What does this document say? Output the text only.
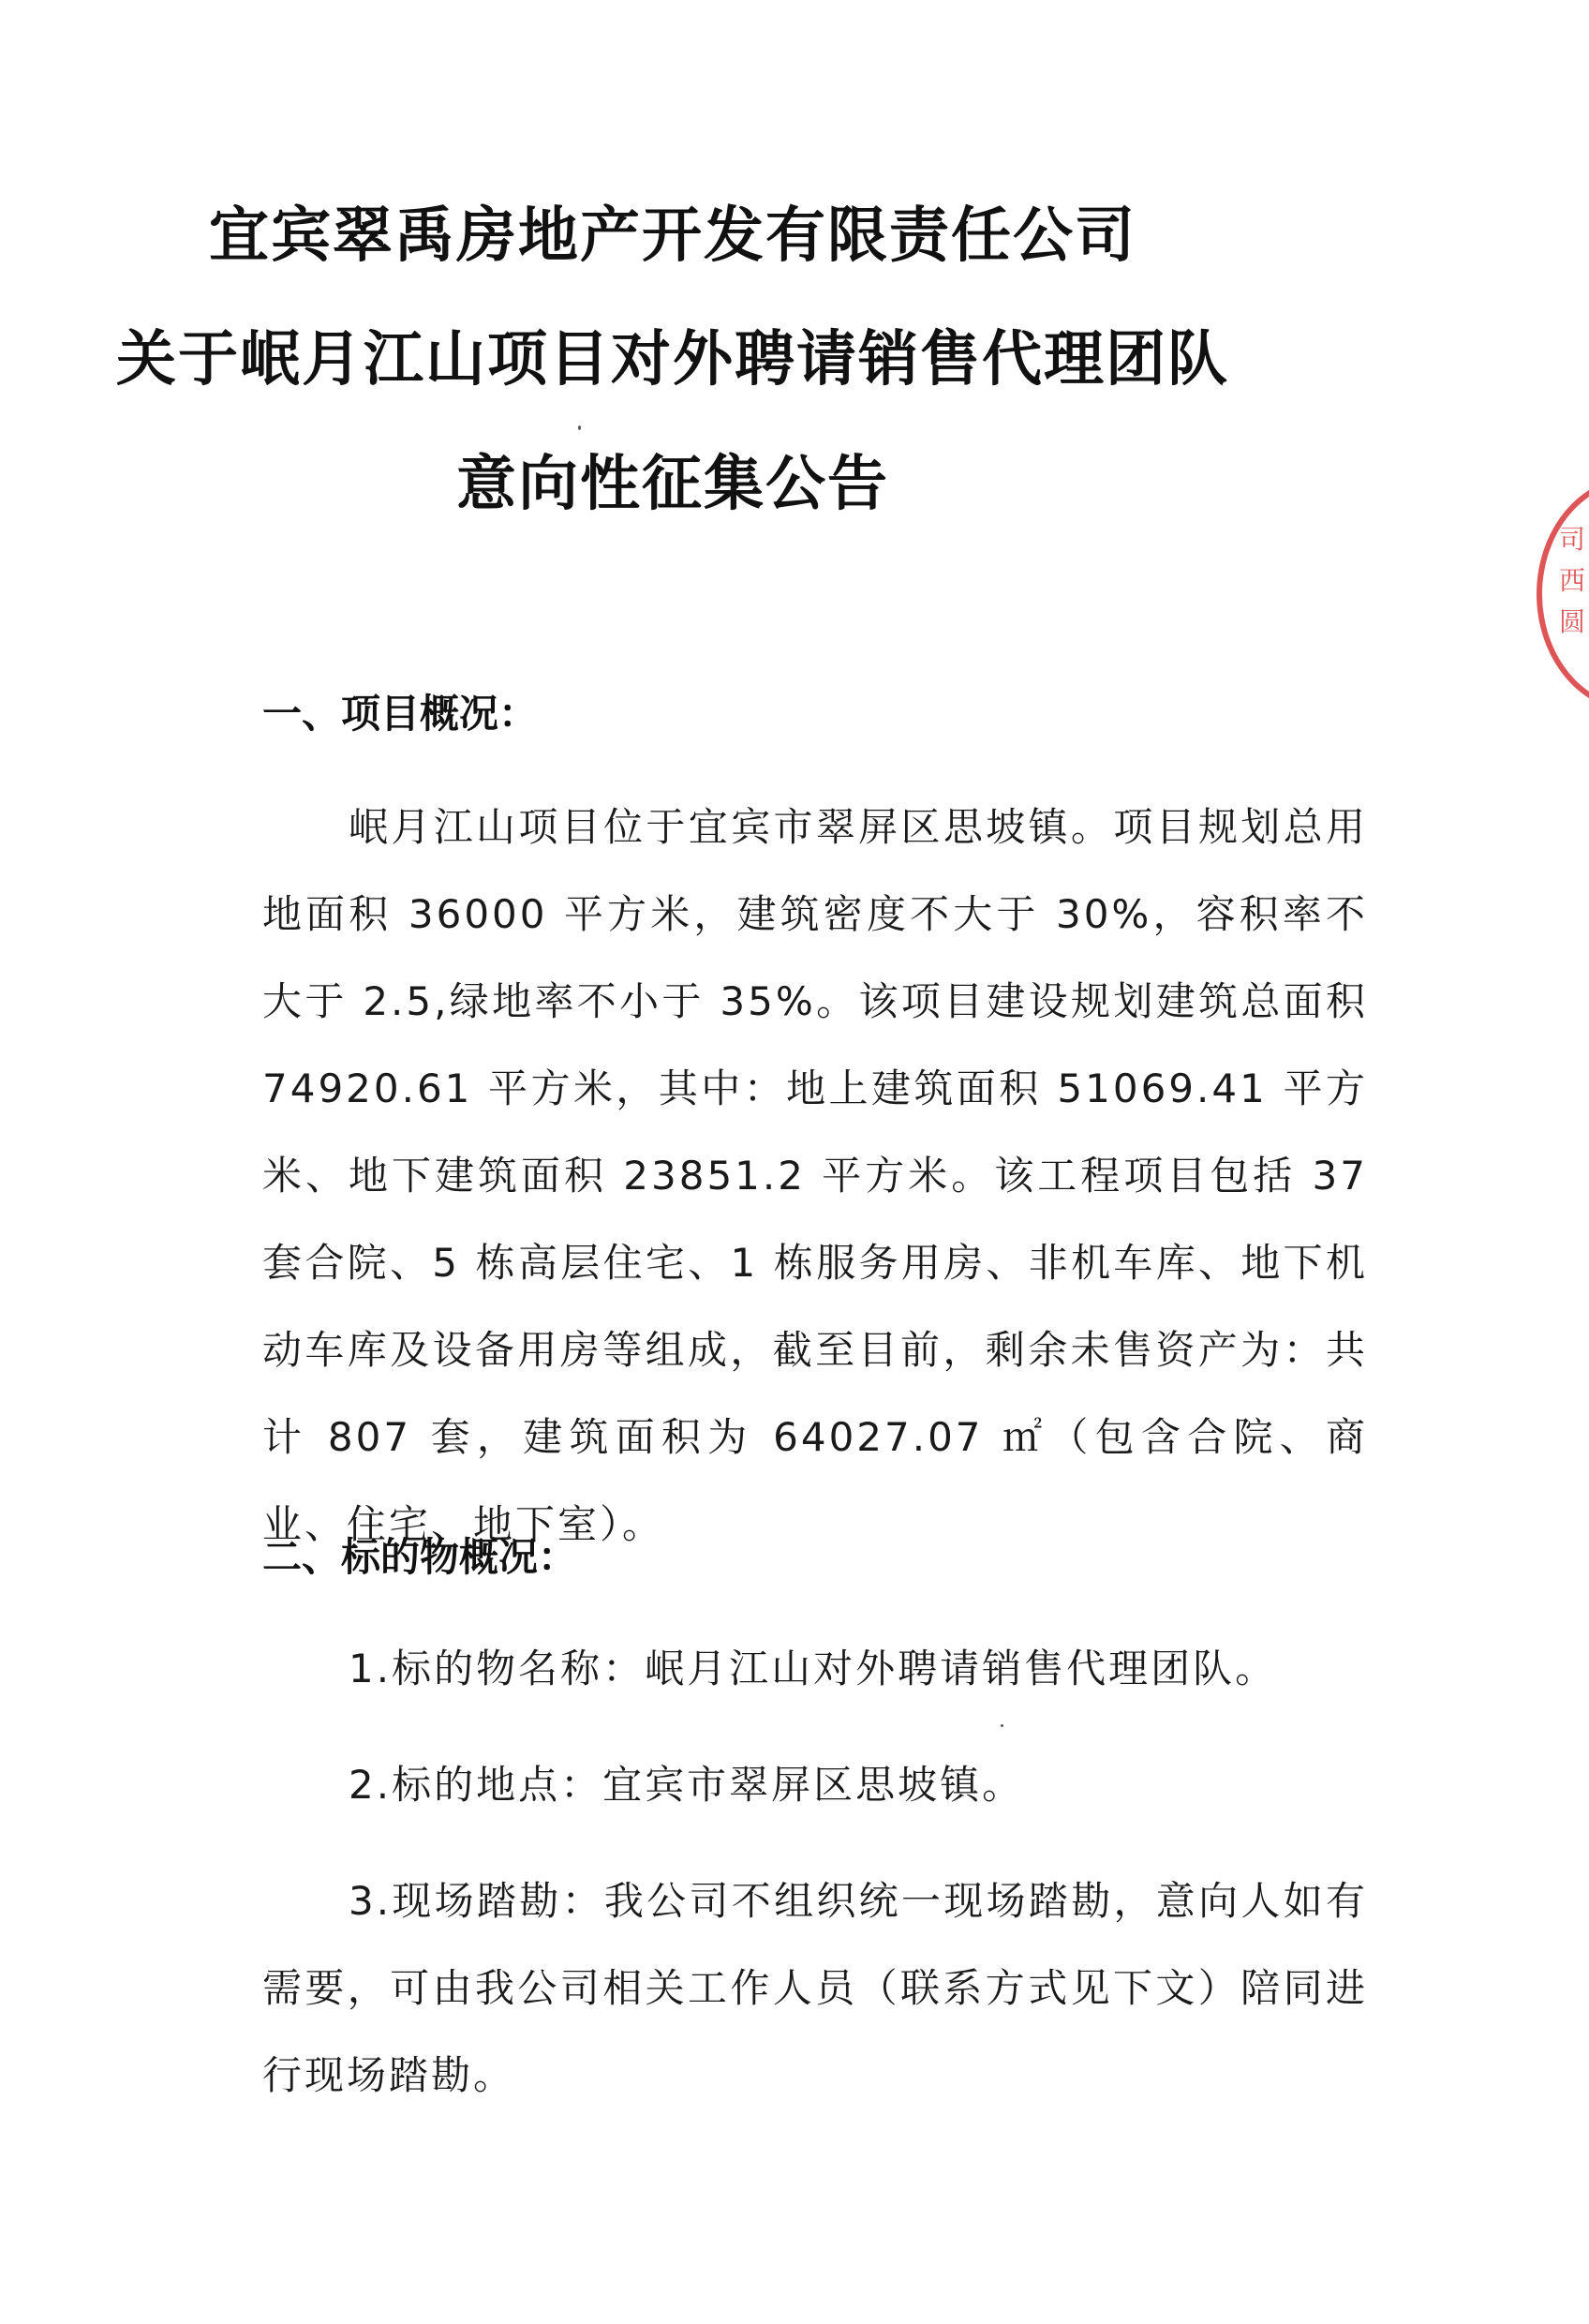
宜宾翠禹房地产开发有限责任公司
关于岷月江山项目对外聘请销售代理团队
意向性征集公告
司 西 圆
一、项目概况：

岷月江山项目位于宜宾市翠屏区思坡镇。项目规划总用地面积 36000 平方米，建筑密度不大于 30%，容积率不大于 2.5,绿地率不小于 35%。该项目建设规划建筑总面积 74920.61 平方米，其中：地上建筑面积 51069.41 平方米、地下建筑面积 23851.2 平方米。该工程项目包括 37 套合院、5 栋高层住宅、1 栋服务用房、非机车库、地下机动车库及设备用房等组成，截至目前，剩余未售资产为：共计 807 套，建筑面积为 64027.07 ㎡（包含合院、商业、住宅、地下室）。

二、标的物概况：

1.标的物名称：岷月江山对外聘请销售代理团队。

2.标的地点：宜宾市翠屏区思坡镇。

3.现场踏勘：我公司不组织统一现场踏勘，意向人如有需要，可由我公司相关工作人员（联系方式见下文）陪同进行现场踏勘。
